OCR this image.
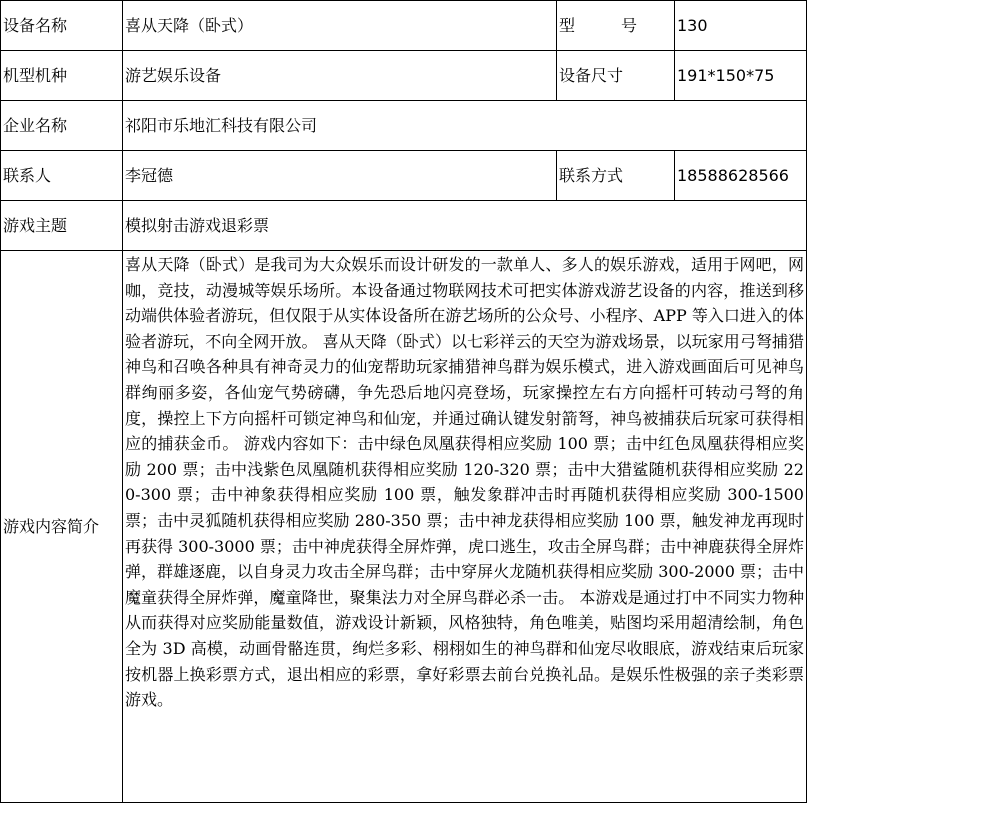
设备名称	喜从天降（卧式）	型 号	130
机型机种	游艺娱乐设备	设备尺寸	191*150*75
企业名称	祁阳市乐地汇科技有限公司		
联系人	李冠德	联系方式	18588628566
游戏主题	模拟射击游戏退彩票		
游戏内容简介	喜从天降（卧式）是我司为大众娱乐而设计研发的一款单人、多人的娱乐游戏，适用于网吧，网咖，竞技，动漫城等娱乐场所。本设备通过物联网技术可把实体游戏游艺设备的内容，推送到移动端供体验者游玩，但仅限于从实体设备所在游艺场所的公众号、小程序、APP 等入口进入的体验者游玩，不向全网开放。 喜从天降（卧式）以七彩祥云的天空为游戏场景，以玩家用弓弩捕猎神鸟和召唤各种具有神奇灵力的仙宠帮助玩家捕猎神鸟群为娱乐模式，进入游戏画面后可见神鸟群绚丽多姿，各仙宠气势磅礴，争先恐后地闪亮登场，玩家操控左右方向摇杆可转动弓弩的角度，操控上下方向摇杆可锁定神鸟和仙宠，并通过确认键发射箭弩，神鸟被捕获后玩家可获得相应的捕获金币。 游戏内容如下：击中绿色凤凰获得相应奖励 100 票；击中红色凤凰获得相应奖励 200 票；击中浅紫色凤凰随机获得相应奖励 120-320 票；击中大猎鲨随机获得相应奖励 220-300 票；击中神象获得相应奖励 100 票，触发象群冲击时再随机获得相应奖励 300-1500 票；击中灵狐随机获得相应奖励 280-350 票；击中神龙获得相应奖励 100 票，触发神龙再现时再获得 300-3000 票；击中神虎获得全屏炸弹，虎口逃生，攻击全屏鸟群；击中神鹿获得全屏炸弹，群雄逐鹿，以自身灵力攻击全屏鸟群；击中穿屏火龙随机获得相应奖励 300-2000 票；击中魔童获得全屏炸弹，魔童降世，聚集法力对全屏鸟群必杀一击。 本游戏是通过打中不同实力物种从而获得对应奖励能量数值，游戏设计新颖，风格独特，角色唯美，贴图均采用超清绘制，角色全为 3D 高模，动画骨骼连贯，绚烂多彩、栩栩如生的神鸟群和仙宠尽收眼底，游戏结束后玩家按机器上换彩票方式，退出相应的彩票，拿好彩票去前台兑换礼品。是娱乐性极强的亲子类彩票游戏。		
